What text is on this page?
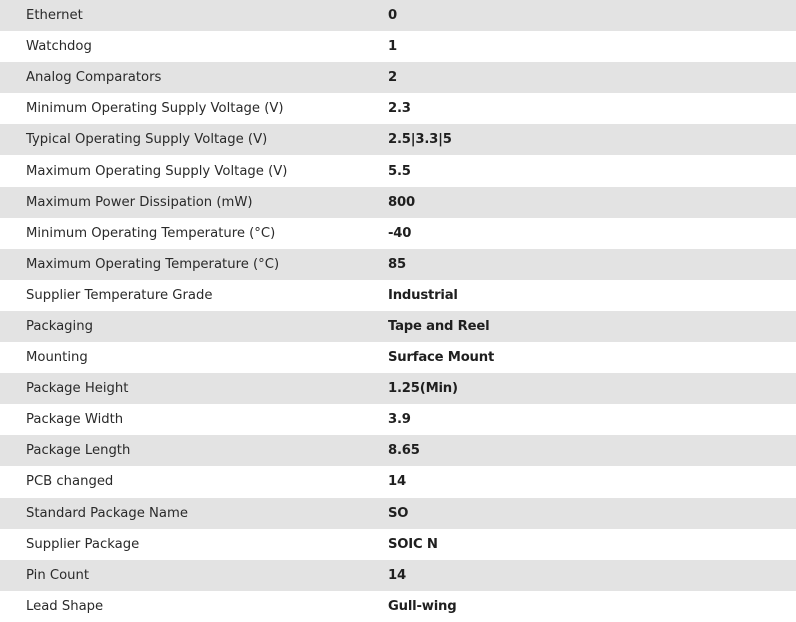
Ethernet	0
Watchdog	1
Analog Comparators	2
Minimum Operating Supply Voltage (V)	2.3
Typical Operating Supply Voltage (V)	2.5|3.3|5
Maximum Operating Supply Voltage (V)	5.5
Maximum Power Dissipation (mW)	800
Minimum Operating Temperature (°C)	-40
Maximum Operating Temperature (°C)	85
Supplier Temperature Grade	Industrial
Packaging	Tape and Reel
Mounting	Surface Mount
Package Height	1.25(Min)
Package Width	3.9
Package Length	8.65
PCB changed	14
Standard Package Name	SO
Supplier Package	SOIC N
Pin Count	14
Lead Shape	Gull-wing
